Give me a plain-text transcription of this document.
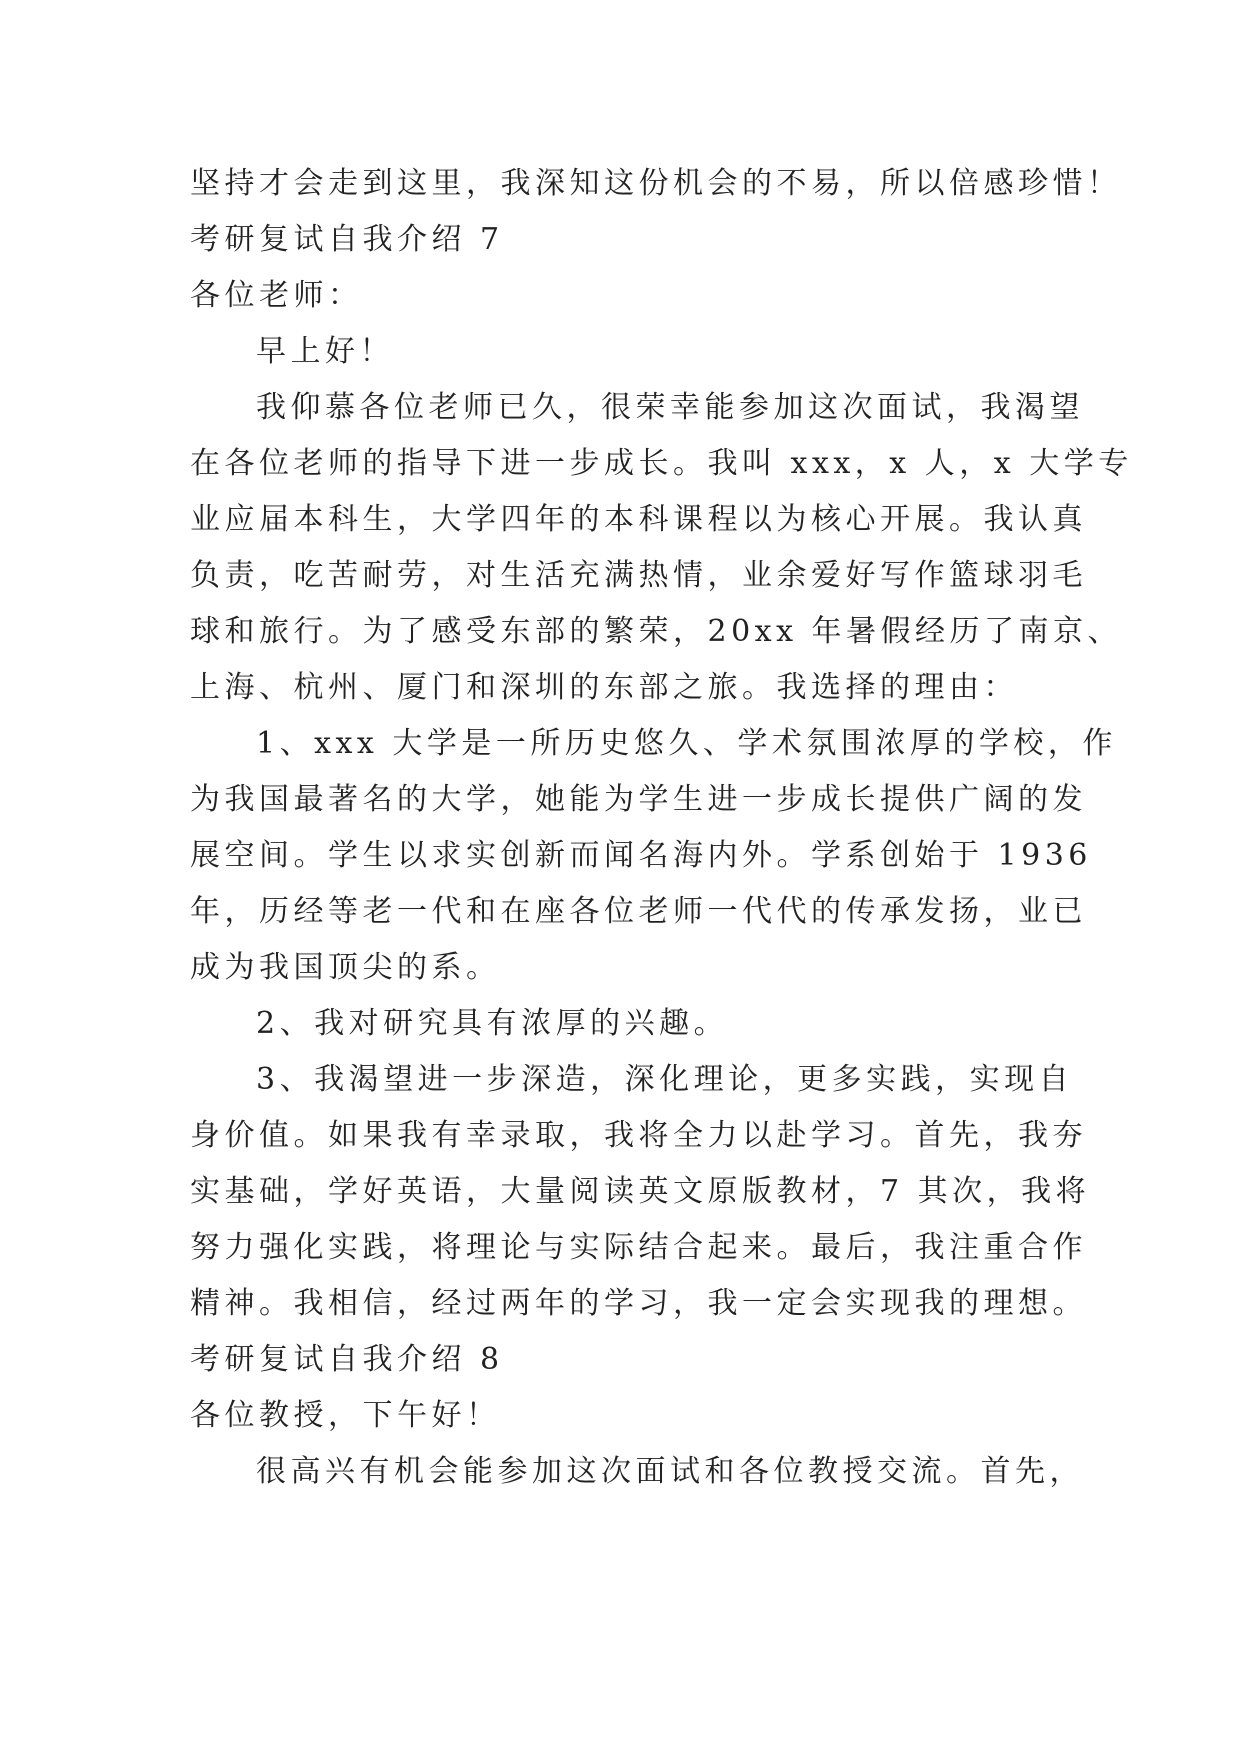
坚持才会走到这里，我深知这份机会的不易，所以倍感珍惜！
考研复试自我介绍 7
各位老师：
早上好！
我仰慕各位老师已久，很荣幸能参加这次面试，我渴望
在各位老师的指导下进一步成长。我叫 xxx，x 人，x 大学专
业应届本科生，大学四年的本科课程以为核心开展。我认真
负责，吃苦耐劳，对生活充满热情，业余爱好写作篮球羽毛
球和旅行。为了感受东部的繁荣，20xx 年暑假经历了南京、
上海、杭州、厦门和深圳的东部之旅。我选择的理由：
1、xxx 大学是一所历史悠久、学术氛围浓厚的学校，作
为我国最著名的大学，她能为学生进一步成长提供广阔的发
展空间。学生以求实创新而闻名海内外。学系创始于 1936
年，历经等老一代和在座各位老师一代代的传承发扬，业已
成为我国顶尖的系。
2、我对研究具有浓厚的兴趣。
3、我渴望进一步深造，深化理论，更多实践，实现自
身价值。如果我有幸录取，我将全力以赴学习。首先，我夯
实基础，学好英语，大量阅读英文原版教材，7 其次，我将
努力强化实践，将理论与实际结合起来。最后，我注重合作
精神。我相信，经过两年的学习，我一定会实现我的理想。
考研复试自我介绍 8
各位教授，下午好！
很高兴有机会能参加这次面试和各位教授交流。首先，
